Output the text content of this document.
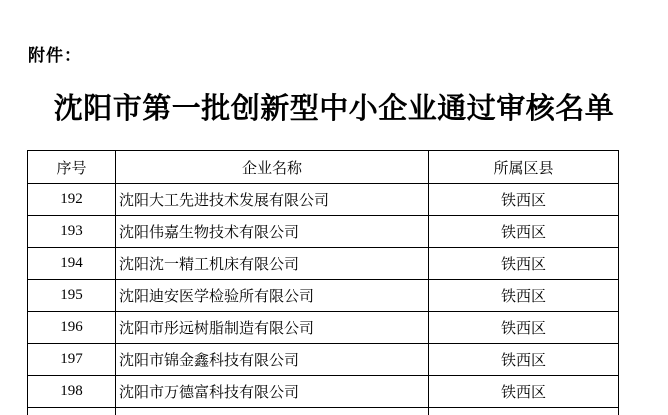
附件：
沈阳市第一批创新型中小企业通过审核名单
序号	企业名称	所属区县
192	沈阳大工先进技术发展有限公司	铁西区
193	沈阳伟嘉生物技术有限公司	铁西区
194	沈阳沈一精工机床有限公司	铁西区
195	沈阳迪安医学检验所有限公司	铁西区
196	沈阳市彤远树脂制造有限公司	铁西区
197	沈阳市锦金鑫科技有限公司	铁西区
198	沈阳市万德富科技有限公司	铁西区
